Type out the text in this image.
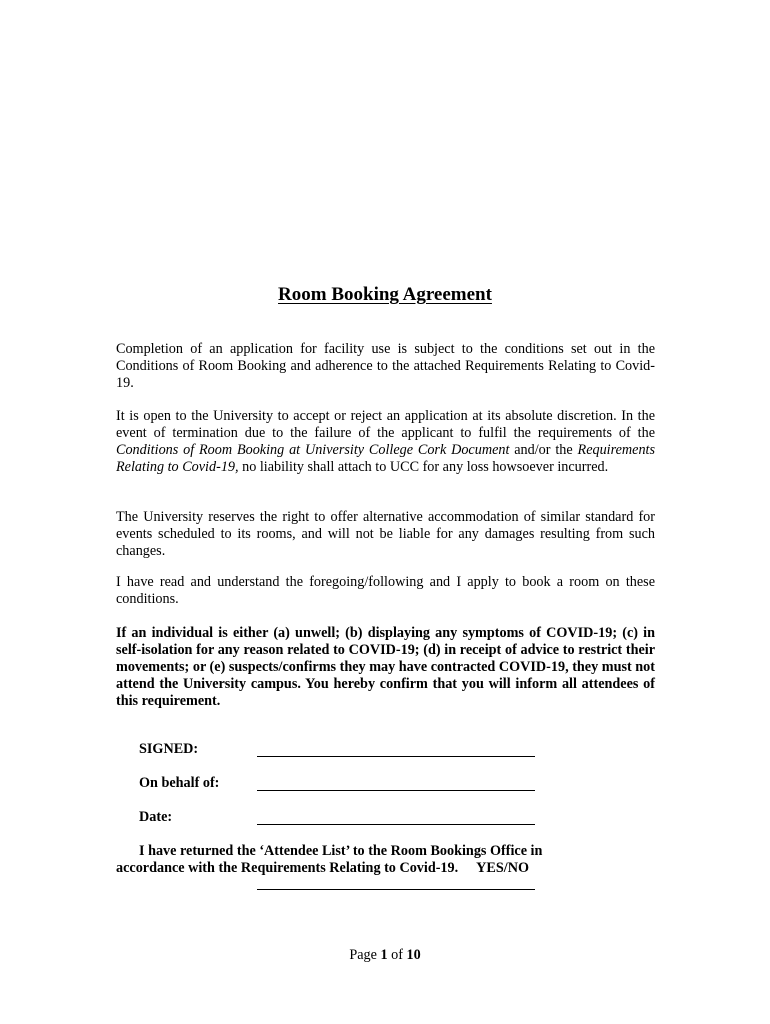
Room Booking Agreement

Completion of an application for facility use is subject to the conditions set out in the Conditions of Room Booking and adherence to the attached Requirements Relating to Covid-19.

It is open to the University to accept or reject an application at its absolute discretion. In the event of termination due to the failure of the applicant to fulfil the requirements of the Conditions of Room Booking at University College Cork Document and/or the Requirements Relating to Covid-19, no liability shall attach to UCC for any loss howsoever incurred.

The University reserves the right to offer alternative accommodation of similar standard for events scheduled to its rooms, and will not be liable for any damages resulting from such changes.

I have read and understand the foregoing/following and I apply to book a room on these conditions.

If an individual is either (a) unwell; (b) displaying any symptoms of COVID-19; (c) in self-isolation for any reason related to COVID-19; (d) in receipt of advice to restrict their movements; or (e) suspects/confirms they may have contracted COVID-19, they must not attend the University campus. You hereby confirm that you will inform all attendees of this requirement.

SIGNED:
On behalf of:
Date:
I have returned the ‘Attendee List’ to the Room Bookings Office in
accordance with the Requirements Relating to Covid-19. YES/NO
Page 1 of 10
